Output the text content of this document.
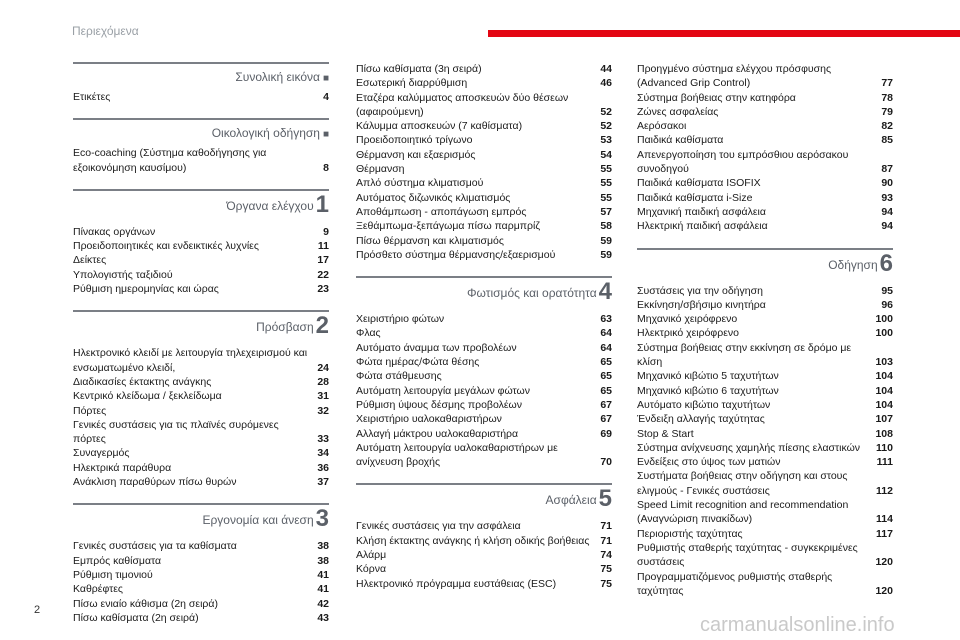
Περιεχόμενα
Συνολική εικόνα ■
Ετικέτες	4
Οικολογική οδήγηση ■
Eco-coaching (Σύστημα καθοδήγησης για εξοικονόμηση καυσίμου)	8
Όργανα ελέγχου1
Πίνακας οργάνων	9
Προειδοποιητικές και ενδεικτικές λυχνίες	11
Δείκτες	17
Υπολογιστής ταξιδιού	22
Ρύθμιση ημερομηνίας και ώρας	23
Πρόσβαση2
Ηλεκτρονικό κλειδί με λειτουργία τηλεχειρισμού και ενσωματωμένο κλειδί,	24
Διαδικασίες έκτακτης ανάγκης	28
Κεντρικό κλείδωμα / ξεκλείδωμα	31
Πόρτες	32
Γενικές συστάσεις για τις πλαϊνές συρόμενες πόρτες	33
Συναγερμός	34
Ηλεκτρικά παράθυρα	36
Ανάκλιση παραθύρων πίσω θυρών	37
Εργονομία και άνεση3
Γενικές συστάσεις για τα καθίσματα	38
Εμπρός καθίσματα	38
Ρύθμιση τιμονιού	41
Καθρέφτες	41
Πίσω ενιαίο κάθισμα (2η σειρά)	42
Πίσω καθίσματα (2η σειρά)	43
Πίσω καθίσματα (3η σειρά)	44
Εσωτερική διαρρύθμιση	46
Εταζέρα καλύμματος αποσκευών δύο θέσεων (αφαιρούμενη)	52
Κάλυμμα αποσκευών (7 καθίσματα)	52
Προειδοποιητικό τρίγωνο	53
Θέρμανση και εξαερισμός	54
Θέρμανση	55
Απλό σύστημα κλιματισμού	55
Αυτόματος διζωνικός κλιματισμός	55
Αποθάμπωση - αποπάγωση εμπρός	57
Ξεθάμπωμα-ξεπάγωμα πίσω παρμπρίζ	58
Πίσω θέρμανση και κλιματισμός	59
Πρόσθετο σύστημα θέρμανσης/εξαερισμού	59
Φωτισμός και ορατότητα4
Χειριστήριο φώτων	63
Φλας	64
Αυτόματο άναμμα των προβολέων	64
Φώτα ημέρας/Φώτα θέσης	65
Φώτα στάθμευσης	65
Αυτόματη λειτουργία μεγάλων φώτων	65
Ρύθμιση ύψους δέσμης προβολέων	67
Χειριστήριο υαλοκαθαριστήρων	67
Αλλαγή μάκτρου υαλοκαθαριστήρα	69
Αυτόματη λειτουργία υαλοκαθαριστήρων με ανίχνευση βροχής	70
Ασφάλεια5
Γενικές συστάσεις για την ασφάλεια	71
Κλήση έκτακτης ανάγκης ή κλήση οδικής βοήθειας	71
Αλάρμ	74
Κόρνα	75
Ηλεκτρονικό πρόγραμμα ευστάθειας (ESC)	75
Προηγμένο σύστημα ελέγχου πρόσφυσης (Advanced Grip Control)	77
Σύστημα βοήθειας στην κατηφόρα	78
Ζώνες ασφαλείας	79
Αερόσακοι	82
Παιδικά καθίσματα	85
Απενεργοποίηση του εμπρόσθιου αερόσακου συνοδηγού	87
Παιδικά καθίσματα ISOFIX	90
Παιδικά καθίσματα i-Size	93
Μηχανική παιδική ασφάλεια	94
Ηλεκτρική παιδική ασφάλεια	94
Οδήγηση6
Συστάσεις για την οδήγηση	95
Εκκίνηση/σβήσιμο κινητήρα	96
Μηχανικό χειρόφρενο	100
Ηλεκτρικό χειρόφρενο	100
Σύστημα βοήθειας στην εκκίνηση σε δρόμο με κλίση	103
Μηχανικό κιβώτιο 5 ταχυτήτων	104
Μηχανικό κιβώτιο 6 ταχυτήτων	104
Αυτόματο κιβώτιο ταχυτήτων	104
Ένδειξη αλλαγής ταχύτητας	107
Stop & Start	108
Σύστημα ανίχνευσης χαμηλής πίεσης ελαστικών	110
Ενδείξεις στο ύψος των ματιών	111
Συστήματα βοήθειας στην οδήγηση και στους ελιγμούς - Γενικές συστάσεις	112
Speed Limit recognition and recommendation (Αναγνώριση πινακίδων)	114
Περιοριστής ταχύτητας	117
Ρυθμιστής σταθερής ταχύτητας - συγκεκριμένες συστάσεις	120
Προγραμματιζόμενος ρυθμιστής σταθερής ταχύτητας	120
2
carmanualsonline.info
